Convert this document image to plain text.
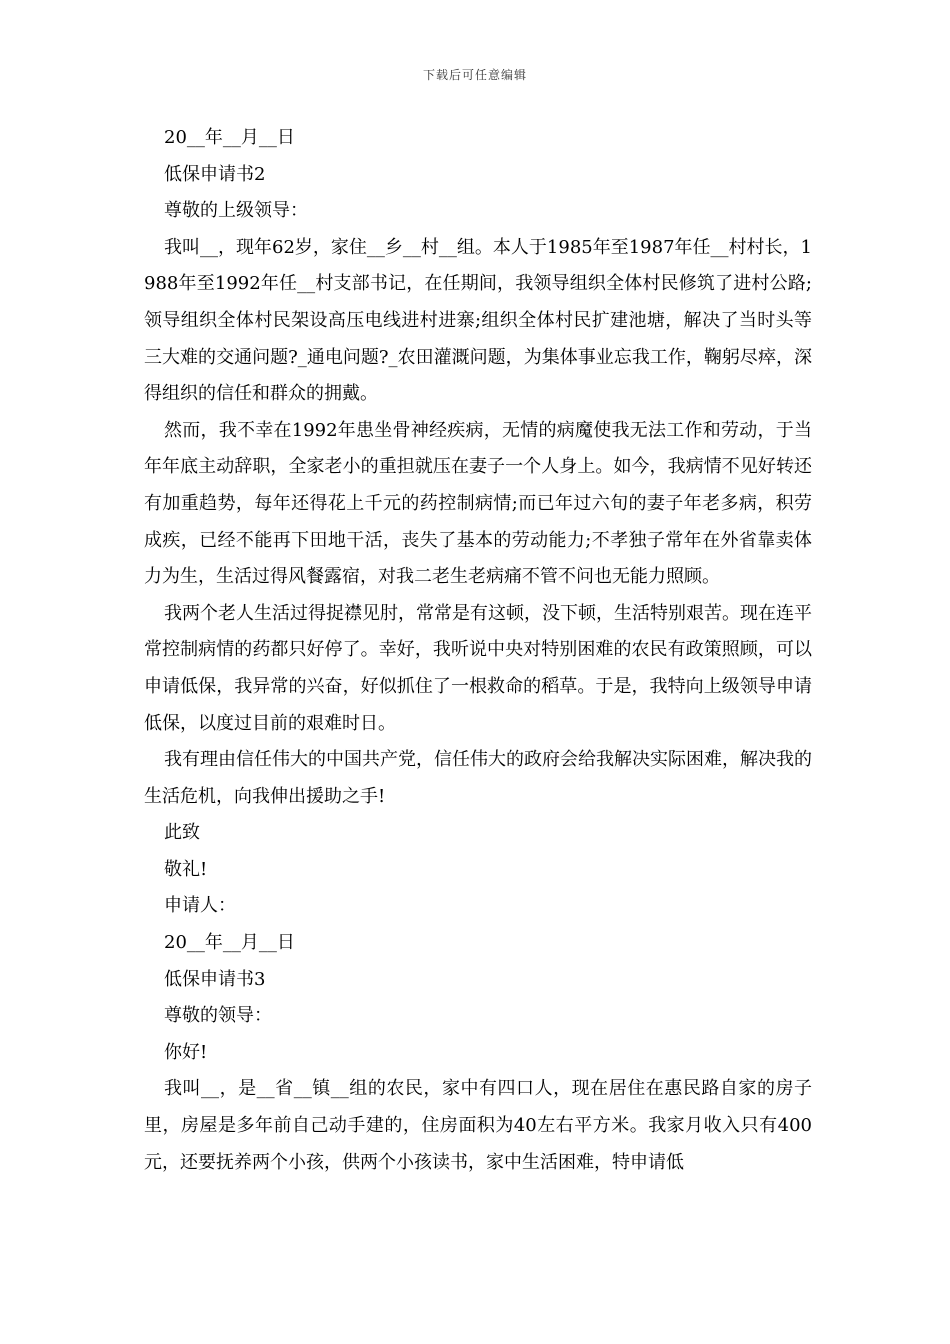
下载后可任意编辑
20__年__月__日
低保申请书2
尊敬的上级领导：
我叫__，现年62岁，家住__乡__村__组。本人于1985年至1987年任__村村长，1988年至1992年任__村支部书记，在任期间，我领导组织全体村民修筑了进村公路;领导组织全体村民架设高压电线进村进寨;组织全体村民扩建池塘，解决了当时头等三大难的交通问题?_通电问题?_农田灌溉问题，为集体事业忘我工作，鞠躬尽瘁，深得组织的信任和群众的拥戴。
然而，我不幸在1992年患坐骨神经疾病，无情的病魔使我无法工作和劳动，于当年年底主动辞职，全家老小的重担就压在妻子一个人身上。如今，我病情不见好转还有加重趋势，每年还得花上千元的药控制病情;而已年过六旬的妻子年老多病，积劳成疾，已经不能再下田地干活，丧失了基本的劳动能力;不孝独子常年在外省靠卖体力为生，生活过得风餐露宿，对我二老生老病痛不管不问也无能力照顾。
我两个老人生活过得捉襟见肘，常常是有这顿，没下顿，生活特别艰苦。现在连平常控制病情的药都只好停了。幸好，我听说中央对特别困难的农民有政策照顾，可以申请低保，我异常的兴奋，好似抓住了一根救命的稻草。于是，我特向上级领导申请低保，以度过目前的艰难时日。
我有理由信任伟大的中国共产党，信任伟大的政府会给我解决实际困难，解决我的生活危机，向我伸出援助之手!
此致
敬礼!
申请人：
20__年__月__日
低保申请书3
尊敬的领导：
你好!
我叫__，是__省__镇__组的农民，家中有四口人，现在居住在惠民路自家的房子里，房屋是多年前自己动手建的，住房面积为40左右平方米。我家月收入只有400元，还要抚养两个小孩，供两个小孩读书，家中生活困难，特申请低
